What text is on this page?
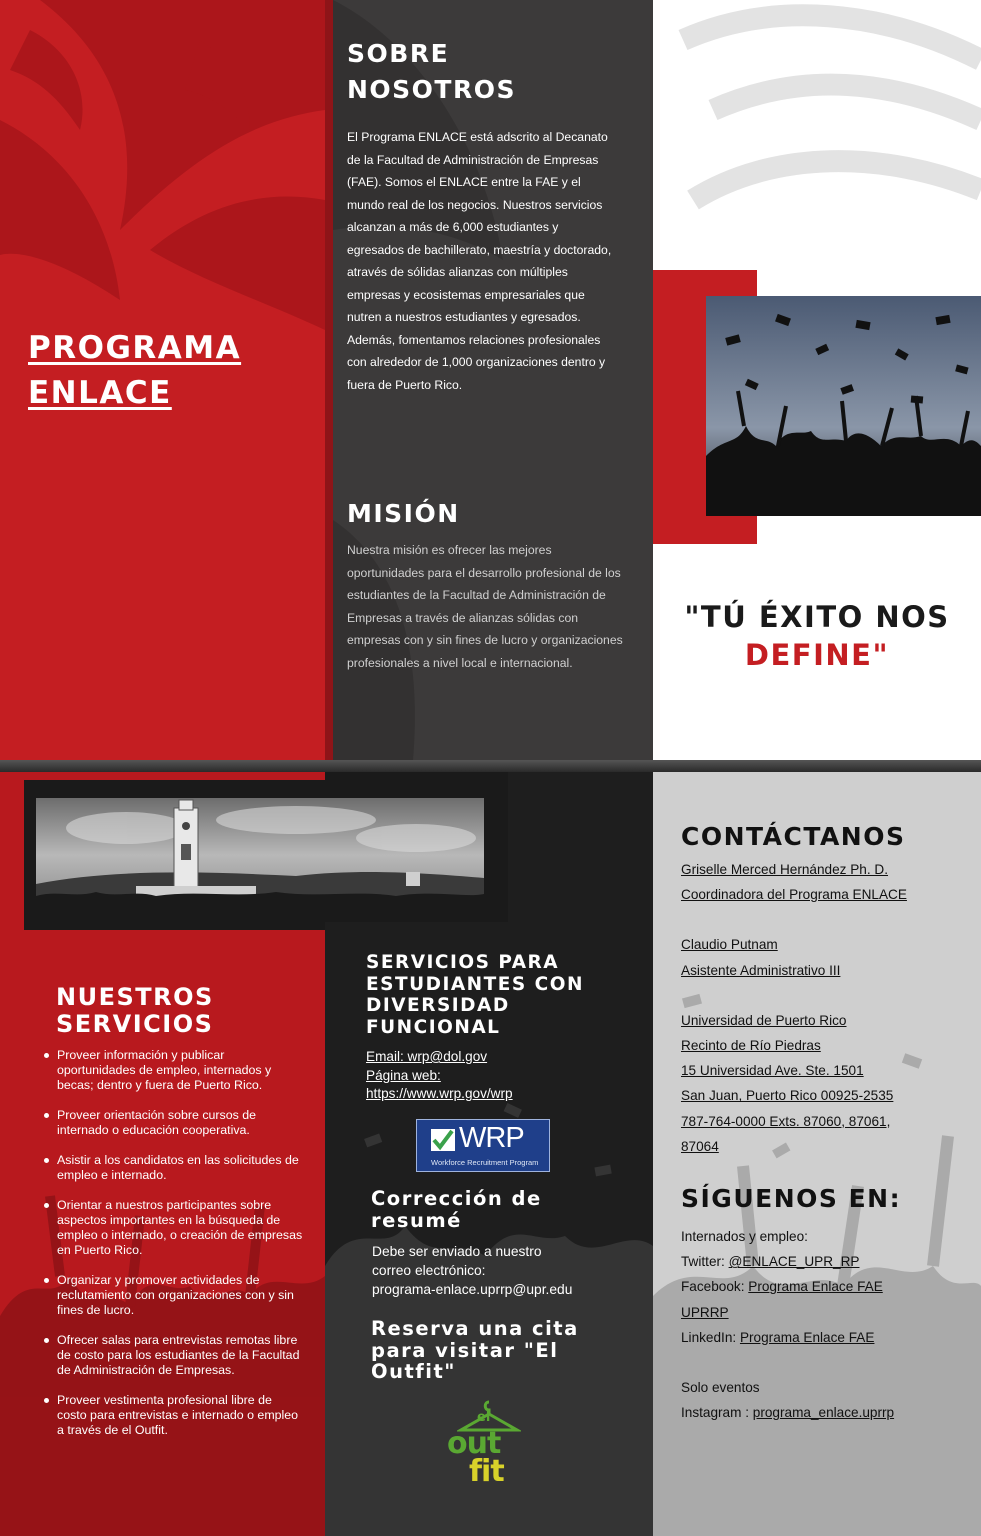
PROGRAMA
ENLACE
SOBRE
NOSOTROS

El Programa ENLACE está adscrito al Decanato de la Facultad de Administración de Empresas (FAE). Somos el ENLACE entre la FAE y el mundo real de los negocios. Nuestros servicios alcanzan a más de 6,000 estudiantes y egresados de bachillerato, maestría y doctorado, através de sólidas alianzas con múltiples empresas y ecosistemas empresariales que nutren a nuestros estudiantes y egresados. Además, fomentamos relaciones profesionales con alrededor de 1,000 organizaciones dentro y fuera de Puerto Rico.

MISIÓN

Nuestra misión es ofrecer las mejores oportunidades para el desarrollo profesional de los estudiantes de la Facultad de Administración de Empresas a través de alianzas sólidas con empresas con y sin fines de lucro y organizaciones profesionales a nivel local e internacional.

"TÚ ÉXITO NOS
DEFINE"
NUESTROS
SERVICIOS
Proveer información y publicar oportunidades de empleo, internados y becas; dentro y fuera de Puerto Rico.
Proveer orientación sobre cursos de internado o educación cooperativa.
Asistir a los candidatos en las solicitudes de empleo e internado.
Orientar a nuestros participantes sobre aspectos importantes en la búsqueda de empleo o internado, o creación de empresas en Puerto Rico.
Organizar y promover actividades de reclutamiento con organizaciones con y sin fines de lucro.
Ofrecer salas para entrevistas remotas libre de costo para los estudiantes de la Facultad de Administración de Empresas.
Proveer vestimenta profesional libre de costo para entrevistas e internado o empleo a través de el Outfit.
SERVICIOS PARA
ESTUDIANTES CON
DIVERSIDAD
FUNCIONAL
Email: wrp@dol.gov
Página web:
https://www.wrp.gov/wrp
WRP
Workforce Recruitment Program
Corrección de
resumé
Debe ser enviado a nuestro
correo electrónico:
programa-enlace.uprrp@upr.edu
Reserva una cita
para visitar "El
Outfit"
el
out
fit
CONTÁCTANOS
Griselle Merced Hernández Ph. D.
Coordinadora del Programa ENLACE
Claudio Putnam
Asistente Administrativo III
Universidad de Puerto Rico
Recinto de Río Piedras
15 Universidad Ave. Ste. 1501
San Juan, Puerto Rico 00925-2535
787-764-0000 Exts. 87060, 87061,
87064
SÍGUENOS EN:
Internados y empleo:
Twitter: @ENLACE_UPR_RP
Facebook: Programa Enlace FAE
UPRRP
LinkedIn: Programa Enlace FAE
Solo eventos
Instagram : programa_enlace.uprrp
